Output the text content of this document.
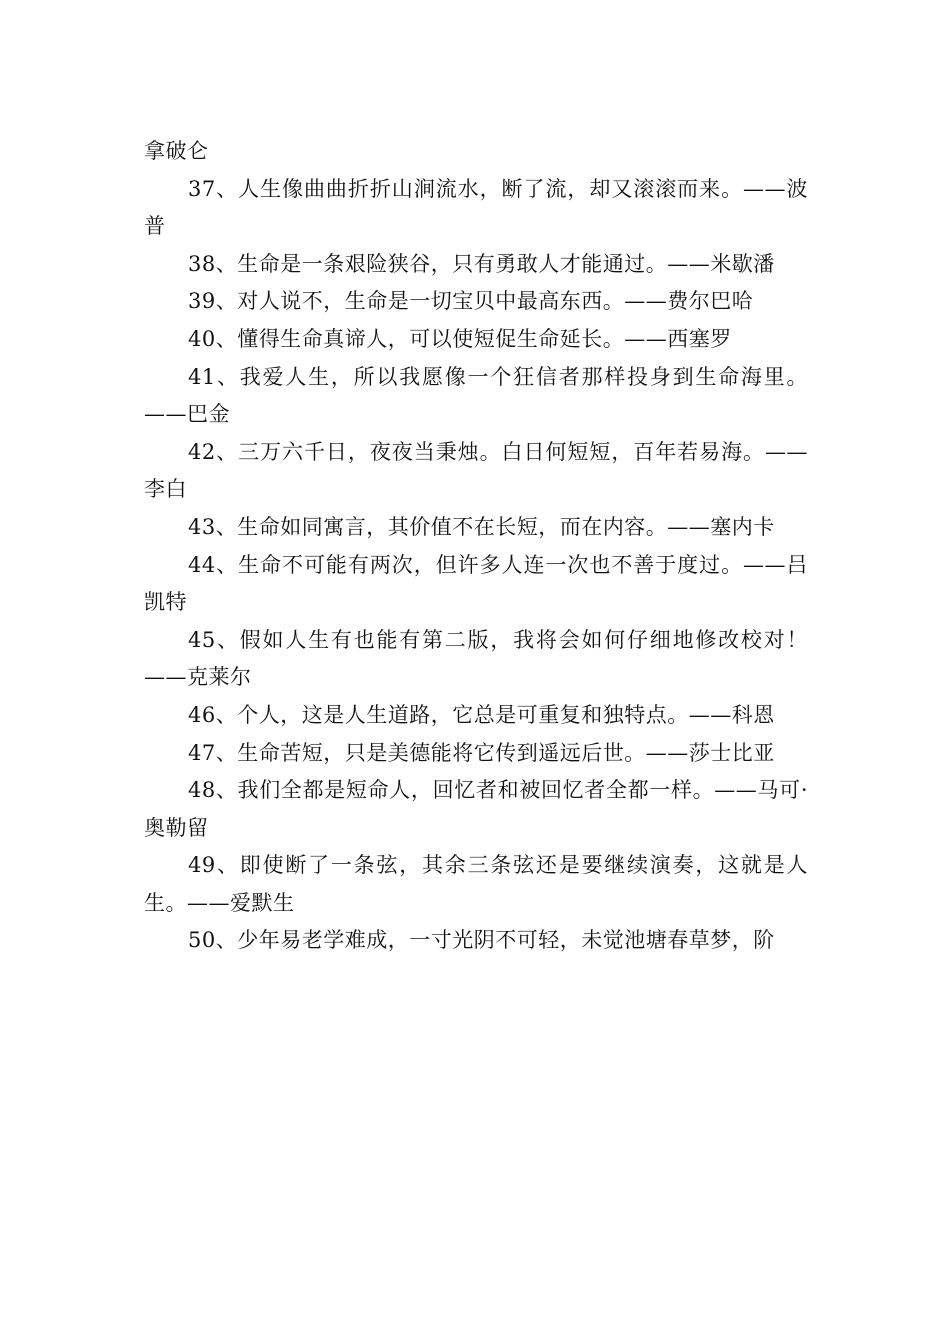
拿破仑

37、人生像曲曲折折山涧流水，断了流，却又滚滚而来。——波普

38、生命是一条艰险狭谷，只有勇敢人才能通过。——米歇潘

39、对人说不，生命是一切宝贝中最高东西。——费尔巴哈

40、懂得生命真谛人，可以使短促生命延长。——西塞罗

41、我爱人生，所以我愿像一个狂信者那样投身到生命海里。——巴金

42、三万六千日，夜夜当秉烛。白日何短短，百年若易海。——李白

43、生命如同寓言，其价值不在长短，而在内容。——塞内卡

44、生命不可能有两次，但许多人连一次也不善于度过。——吕凯特

45、假如人生有也能有第二版，我将会如何仔细地修改校对！——克莱尔

46、个人，这是人生道路，它总是可重复和独特点。——科恩

47、生命苦短，只是美德能将它传到遥远后世。——莎士比亚

48、我们全都是短命人，回忆者和被回忆者全都一样。——马可·奥勒留

49、即使断了一条弦，其余三条弦还是要继续演奏，这就是人生。——爱默生

50、少年易老学难成，一寸光阴不可轻，未觉池塘春草梦，阶
